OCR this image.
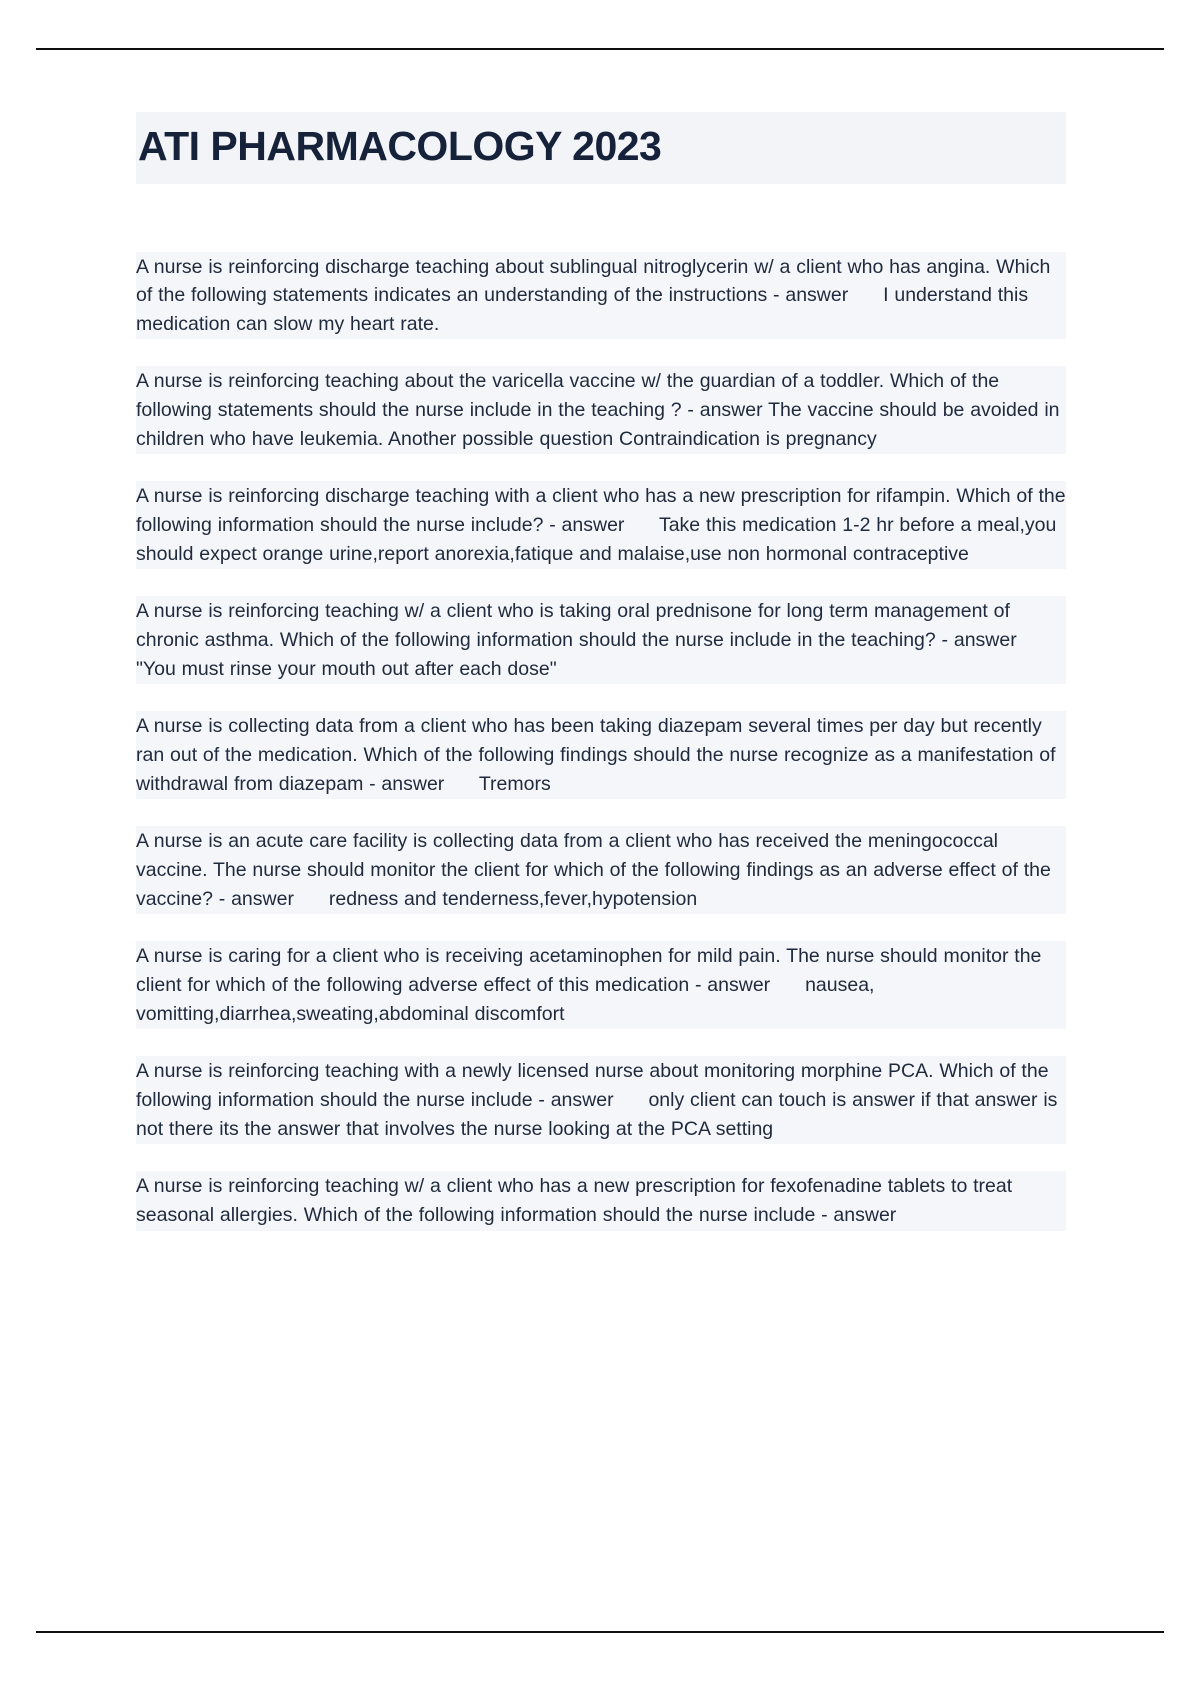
ATI PHARMACOLOGY 2023

A nurse is reinforcing discharge teaching about sublingual nitroglycerin w/ a client who has angina. Which of the following statements indicates an understanding of the instructions - answer      I understand this medication can slow my heart rate.

A nurse is reinforcing teaching about the varicella vaccine w/ the guardian of a toddler. Which of the following statements should the nurse include in the teaching ? - answer The vaccine should be avoided in children who have leukemia. Another possible question Contraindication is pregnancy

A nurse is reinforcing discharge teaching with a client who has a new prescription for rifampin. Which of the following information should the nurse include? - answer      Take this medication 1-2 hr before a meal,you should expect orange urine,report anorexia,fatique and malaise,use non hormonal contraceptive

A nurse is reinforcing teaching w/ a client who is taking oral prednisone for long term management of chronic asthma. Which of the following information should the nurse include in the teaching? - answer      "You must rinse your mouth out after each dose"

A nurse is collecting data from a client who has been taking diazepam several times per day but recently ran out of the medication. Which of the following findings should the nurse recognize as a manifestation of withdrawal from diazepam - answer      Tremors

A nurse is an acute care facility is collecting data from a client who has received the meningococcal vaccine. The nurse should monitor the client for which of the following findings as an adverse effect of the vaccine? - answer      redness and tenderness,fever,hypotension

A nurse is caring for a client who is receiving acetaminophen for mild pain. The nurse should monitor the client for which of the following adverse effect of this medication - answer      nausea, vomitting,diarrhea,sweating,abdominal discomfort

A nurse is reinforcing teaching with a newly licensed nurse about monitoring morphine PCA. Which of the following information should the nurse include - answer      only client can touch is answer if that answer is not there its the answer that involves the nurse looking at the PCA setting

A nurse is reinforcing teaching w/ a client who has a new prescription for fexofenadine tablets to treat seasonal allergies. Which of the following information should the nurse include - answer
